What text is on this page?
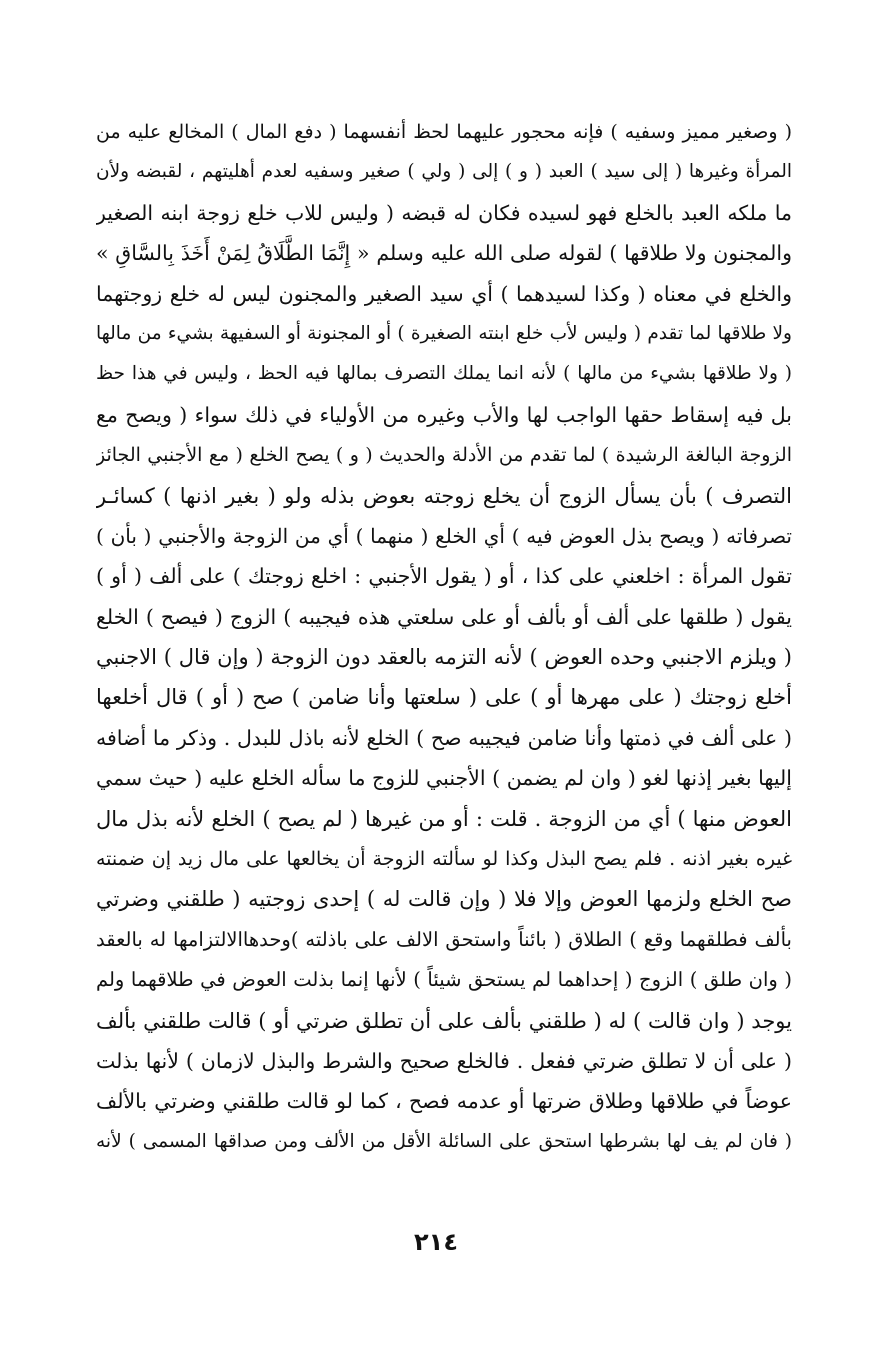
( وصغير مميز وسفيه ) فإنه محجور عليهما لحظ أنفسهما ( دفع المال ) المخالع عليه من
المرأة وغيرها ( إلى سيد ) العبد ( و ) إلى ( ولي ) صغير وسفيه لعدم أهليتهم ، لقبضه ولأن
ما ملكه العبد بالخلع فهو لسيده فكان له قبضه ( وليس للاب خلع زوجة ابنه الصغير
والمجنون ولا طلاقها ) لقوله صلى الله عليه وسلم « إِنَّمَا الطَّلَاقُ لِمَنْ أَخَذَ بِالسَّاقِ »
والخلع في معناه ( وكذا لسيدهما ) أي سيد الصغير والمجنون ليس له خلع زوجتهما
ولا طلاقها لما تقدم ( وليس لأب خلع ابنته الصغيرة ) أو المجنونة أو السفيهة بشيء من مالها
( ولا طلاقها بشيء من مالها ) لأنه انما يملك التصرف بمالها فيه الحظ ، وليس في هذا حظ
بل فيه إسقاط حقها الواجب لها والأب وغيره من الأولياء في ذلك سواء ( ويصح مع
الزوجة البالغة الرشيدة ) لما تقدم من الأدلة والحديث ( و ) يصح الخلع ( مع الأجنبي الجائز
التصرف ) بأن يسأل الزوج أن يخلع زوجته بعوض بذله ولو ( بغير اذنها ) كسائـر
تصرفاته ( ويصح بذل العوض فيه ) أي الخلع ( منهما ) أي من الزوجة والأجنبي ( بأن )
تقول المرأة : اخلعني على كذا ، أو ( يقول الأجنبي : اخلع زوجتك ) على ألف ( أو )
يقول ( طلقها على ألف أو بألف أو على سلعتي هذه فيجيبه ) الزوج ( فيصح ) الخلع
( ويلزم الاجنبي وحده العوض ) لأنه التزمه بالعقد دون الزوجة ( وإن قال ) الاجنبي
أخلع زوجتك ( على مهرها أو ) على ( سلعتها وأنا ضامن ) صح ( أو ) قال أخلعها
( على ألف في ذمتها وأنا ضامن فيجيبه صح ) الخلع لأنه باذل للبدل . وذكر ما أضافه
إليها بغير إذنها لغو ( وان لم يضمن ) الأجنبي للزوج ما سأله الخلع عليه ( حيث سمي
العوض منها ) أي من الزوجة . قلت : أو من غيرها ( لم يصح ) الخلع لأنه بذل مال
غيره بغير اذنه . فلم يصح البذل وكذا لو سألته الزوجة أن يخالعها على مال زيد إن ضمنته
صح الخلع ولزمها العوض وإلا فلا ( وإن قالت له ) إحدى زوجتيه ( طلقني وضرتي
بألف فطلقهما وقع ) الطلاق ( بائناً واستحق الالف على باذلته )وحدهاالالتزامها له بالعقد
( وان طلق ) الزوج ( إحداهما لم يستحق شيئاً ) لأنها إنما بذلت العوض في طلاقهما ولم
يوجد ( وان قالت ) له ( طلقني بألف على أن تطلق ضرتي أو ) قالت طلقني بألف
( على أن لا تطلق ضرتي ففعل . فالخلع صحيح والشرط والبذل لازمان ) لأنها بذلت
عوضاً في طلاقها وطلاق ضرتها أو عدمه فصح ، كما لو قالت طلقني وضرتي بالألف
( فان لم يف لها بشرطها استحق على السائلة الأقل من الألف ومن صداقها المسمى ) لأنه
٢١٤
